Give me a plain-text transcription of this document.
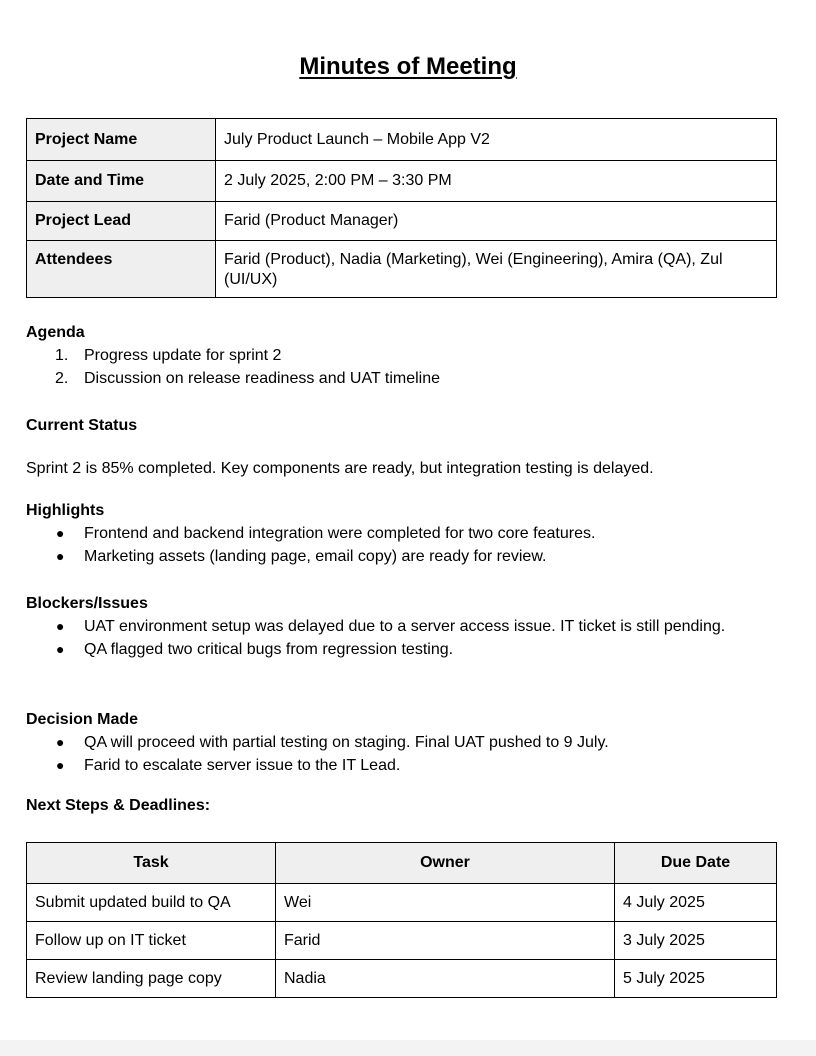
Minutes of Meeting
Project Name	July Product Launch – Mobile App V2
Date and Time	2 July 2025, 2:00 PM – 3:30 PM
Project Lead	Farid (Product Manager)
Attendees	Farid (Product), Nadia (Marketing), Wei (Engineering), Amira (QA), Zul (UI/UX)

Agenda

1. Progress update for sprint 2
2. Discussion on release readiness and UAT timeline

Current Status

Sprint 2 is 85% completed. Key components are ready, but integration testing is delayed.

Highlights

● Frontend and backend integration were completed for two core features.
● Marketing assets (landing page, email copy) are ready for review.

Blockers/Issues

● UAT environment setup was delayed due to a server access issue. IT ticket is still pending.
● QA flagged two critical bugs from regression testing.

Decision Made

● QA will proceed with partial testing on staging. Final UAT pushed to 9 July.
● Farid to escalate server issue to the IT Lead.

Next Steps & Deadlines:

Task	Owner	Due Date
Submit updated build to QA	Wei	4 July 2025
Follow up on IT ticket	Farid	3 July 2025
Review landing page copy	Nadia	5 July 2025
